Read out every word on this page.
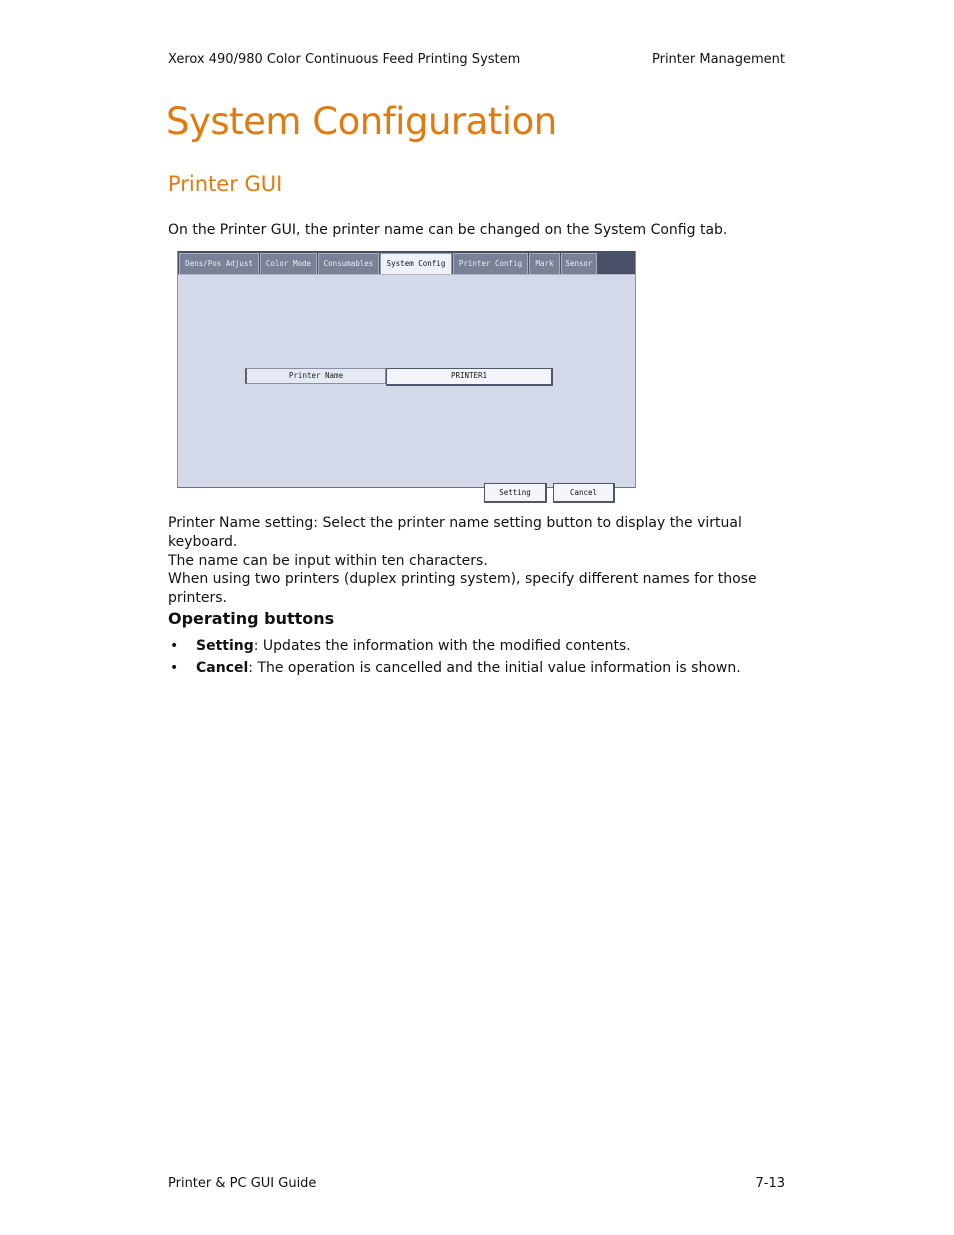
Xerox 490/980 Color Continuous Feed Printing System	Printer Management
System Configuration
Printer GUI

On the Printer GUI, the printer name can be changed on the System Config tab.

Dens/Pos Adjust	Color Mode	Consumables	System Config	Printer Config	Mark	Sensor
Printer Name	PRINTER1
Setting	Cancel

Printer Name setting: Select the printer name setting button to display the virtual keyboard.
The name can be input within ten characters.

When using two printers (duplex printing system), specify different names for those printers.

Operating buttons
• Setting: Updates the information with the modified contents.
• Cancel: The operation is cancelled and the initial value information is shown.
Printer & PC GUI Guide	7-13
